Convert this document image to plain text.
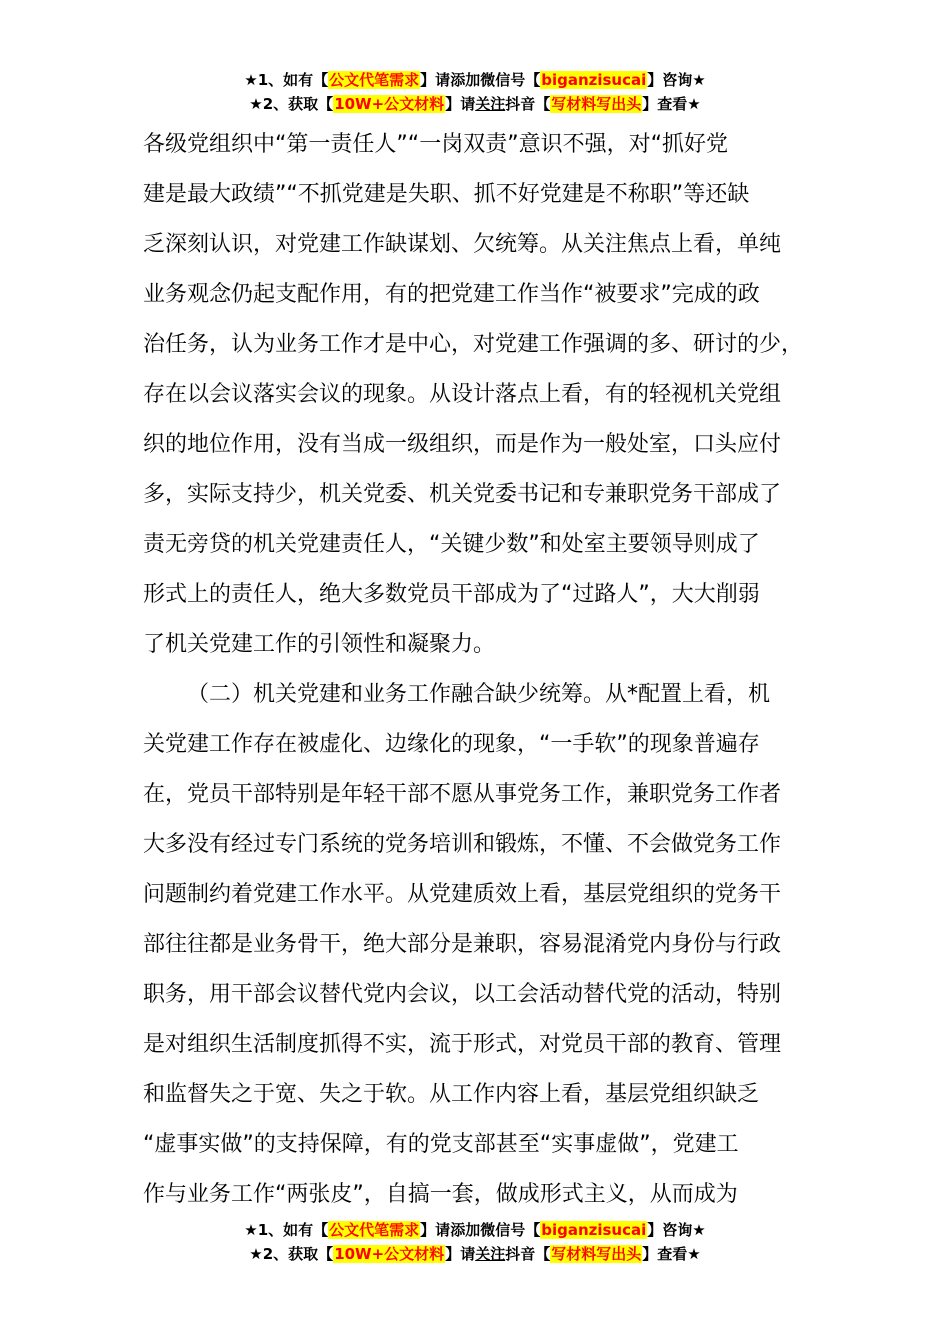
★1、如有【公文代笔需求】请添加微信号【biganzisucai】咨询★
★2、获取【10W+公文材料】请关注抖音【写材料写出头】查看★
各级党组织中“第一责任人”“一岗双责”意识不强，对“抓好党
建是最大政绩”“不抓党建是失职、抓不好党建是不称职”等还缺
乏深刻认识，对党建工作缺谋划、欠统筹。从关注焦点上看，单纯
业务观念仍起支配作用，有的把党建工作当作“被要求”完成的政
治任务，认为业务工作才是中心，对党建工作强调的多、研讨的少，
存在以会议落实会议的现象。从设计落点上看，有的轻视机关党组
织的地位作用，没有当成一级组织，而是作为一般处室，口头应付
多，实际支持少，机关党委、机关党委书记和专兼职党务干部成了
责无旁贷的机关党建责任人，“关键少数”和处室主要领导则成了
形式上的责任人，绝大多数党员干部成为了“过路人”，大大削弱
了机关党建工作的引领性和凝聚力。
（二）机关党建和业务工作融合缺少统筹。从*配置上看，机
关党建工作存在被虚化、边缘化的现象，“一手软”的现象普遍存
在，党员干部特别是年轻干部不愿从事党务工作，兼职党务工作者
大多没有经过专门系统的党务培训和锻炼，不懂、不会做党务工作
问题制约着党建工作水平。从党建质效上看，基层党组织的党务干
部往往都是业务骨干，绝大部分是兼职，容易混淆党内身份与行政
职务，用干部会议替代党内会议，以工会活动替代党的活动，特别
是对组织生活制度抓得不实，流于形式，对党员干部的教育、管理
和监督失之于宽、失之于软。从工作内容上看，基层党组织缺乏
“虚事实做”的支持保障，有的党支部甚至“实事虚做”，党建工
作与业务工作“两张皮”，自搞一套，做成形式主义，从而成为
★1、如有【公文代笔需求】请添加微信号【biganzisucai】咨询★
★2、获取【10W+公文材料】请关注抖音【写材料写出头】查看★
